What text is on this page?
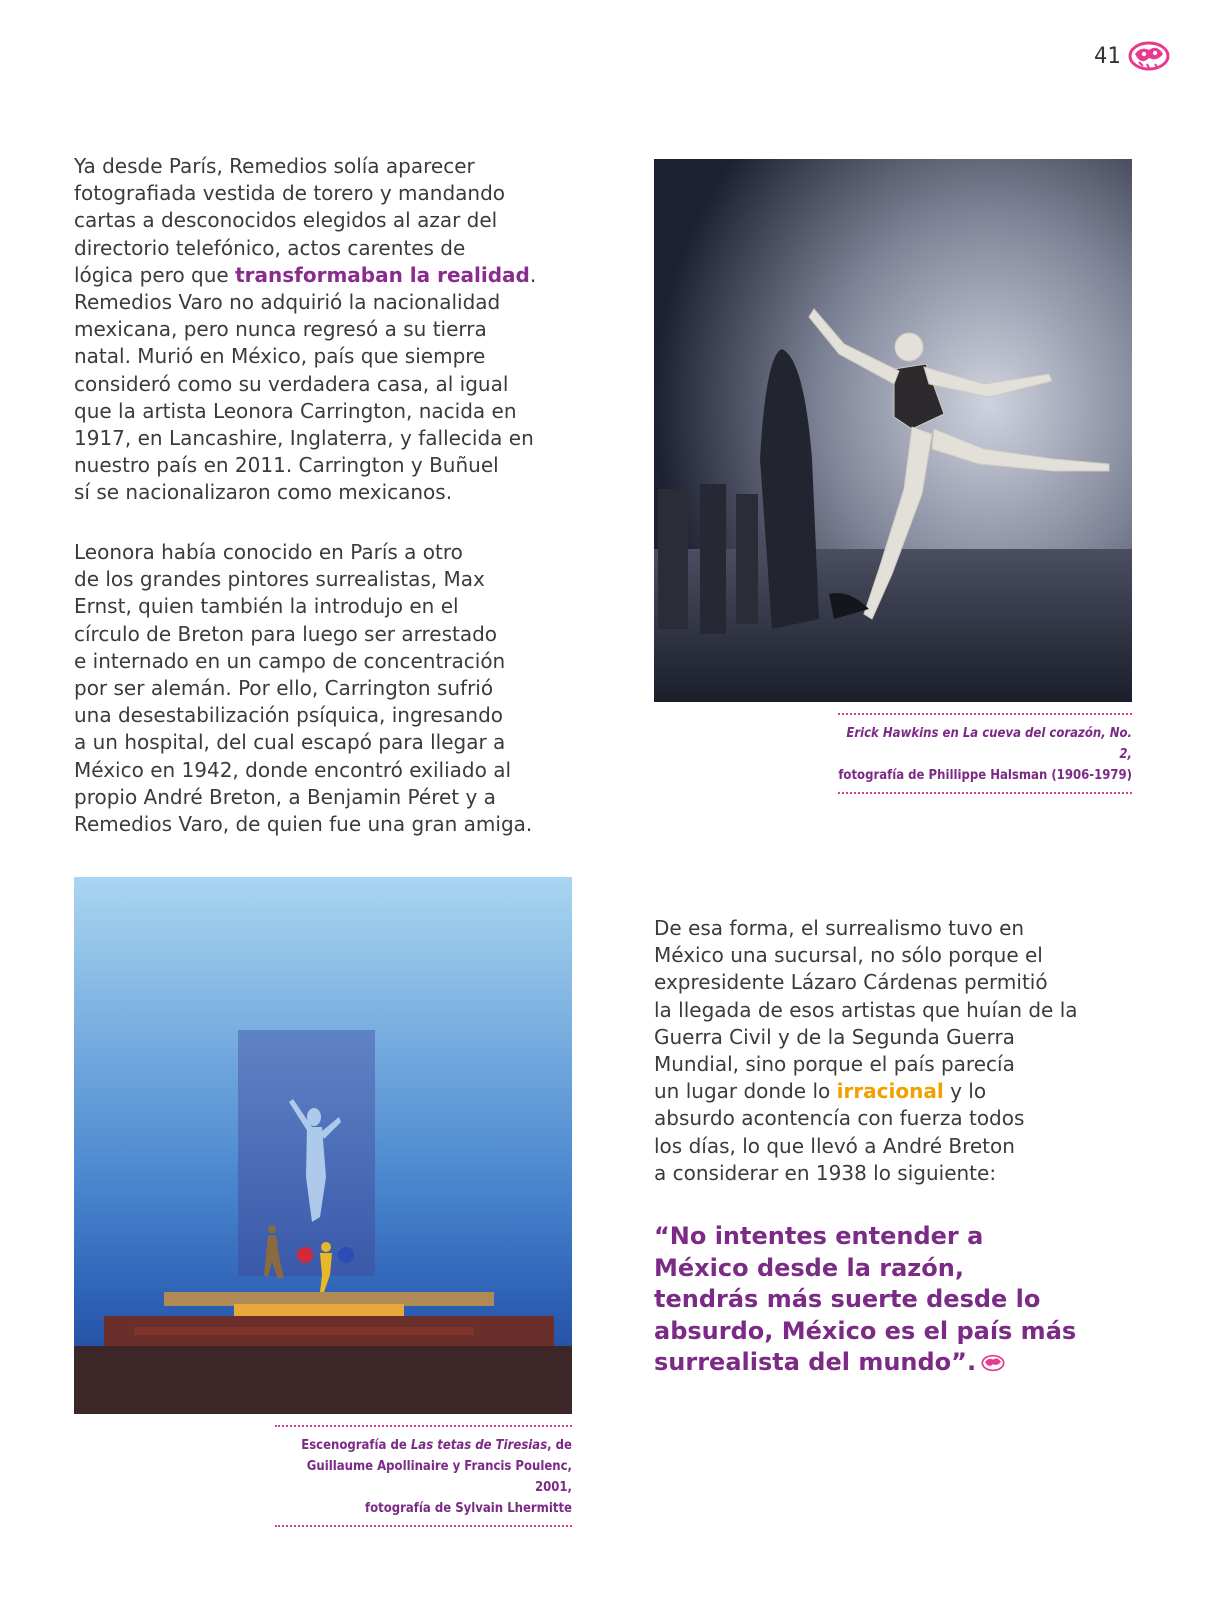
41
Ya desde París, Remedios solía aparecer
fotografiada vestida de torero y mandando
cartas a desconocidos elegidos al azar del
directorio telefónico, actos carentes de
lógica pero que transformaban la realidad.
Remedios Varo no adquirió la nacionalidad
mexicana, pero nunca regresó a su tierra
natal. Murió en México, país que siempre
consideró como su verdadera casa, al igual
que la artista Leonora Carrington, nacida en
1917, en Lancashire, Inglaterra, y fallecida en
nuestro país en 2011. Carrington y Buñuel
sí se nacionalizaron como mexicanos.
Leonora había conocido en París a otro
de los grandes pintores surrealistas, Max
Ernst, quien también la introdujo en el
círculo de Breton para luego ser arrestado
e internado en un campo de concentración
por ser alemán. Por ello, Carrington sufrió
una desestabilización psíquica, ingresando
a un hospital, del cual escapó para llegar a
México en 1942, donde encontró exiliado al
propio André Breton, a Benjamin Péret y a
Remedios Varo, de quien fue una gran amiga.
Erick Hawkins en La cueva del corazón, No. 2,
fotografía de Phillippe Halsman (1906-1979)
Escenografía de Las tetas de Tiresias, de
Guillaume Apollinaire y Francis Poulenc, 2001,
fotografía de Sylvain Lhermitte
De esa forma, el surrealismo tuvo en
México una sucursal, no sólo porque el
expresidente Lázaro Cárdenas permitió
la llegada de esos artistas que huían de la
Guerra Civil y de la Segunda Guerra
Mundial, sino porque el país parecía
un lugar donde lo irracional y lo
absurdo acontencía con fuerza todos
los días, lo que llevó a André Breton
a considerar en 1938 lo siguiente:
“No intentes entender a
México desde la razón,
tendrás más suerte desde lo
absurdo, México es el país más
surrealista del mundo”.
